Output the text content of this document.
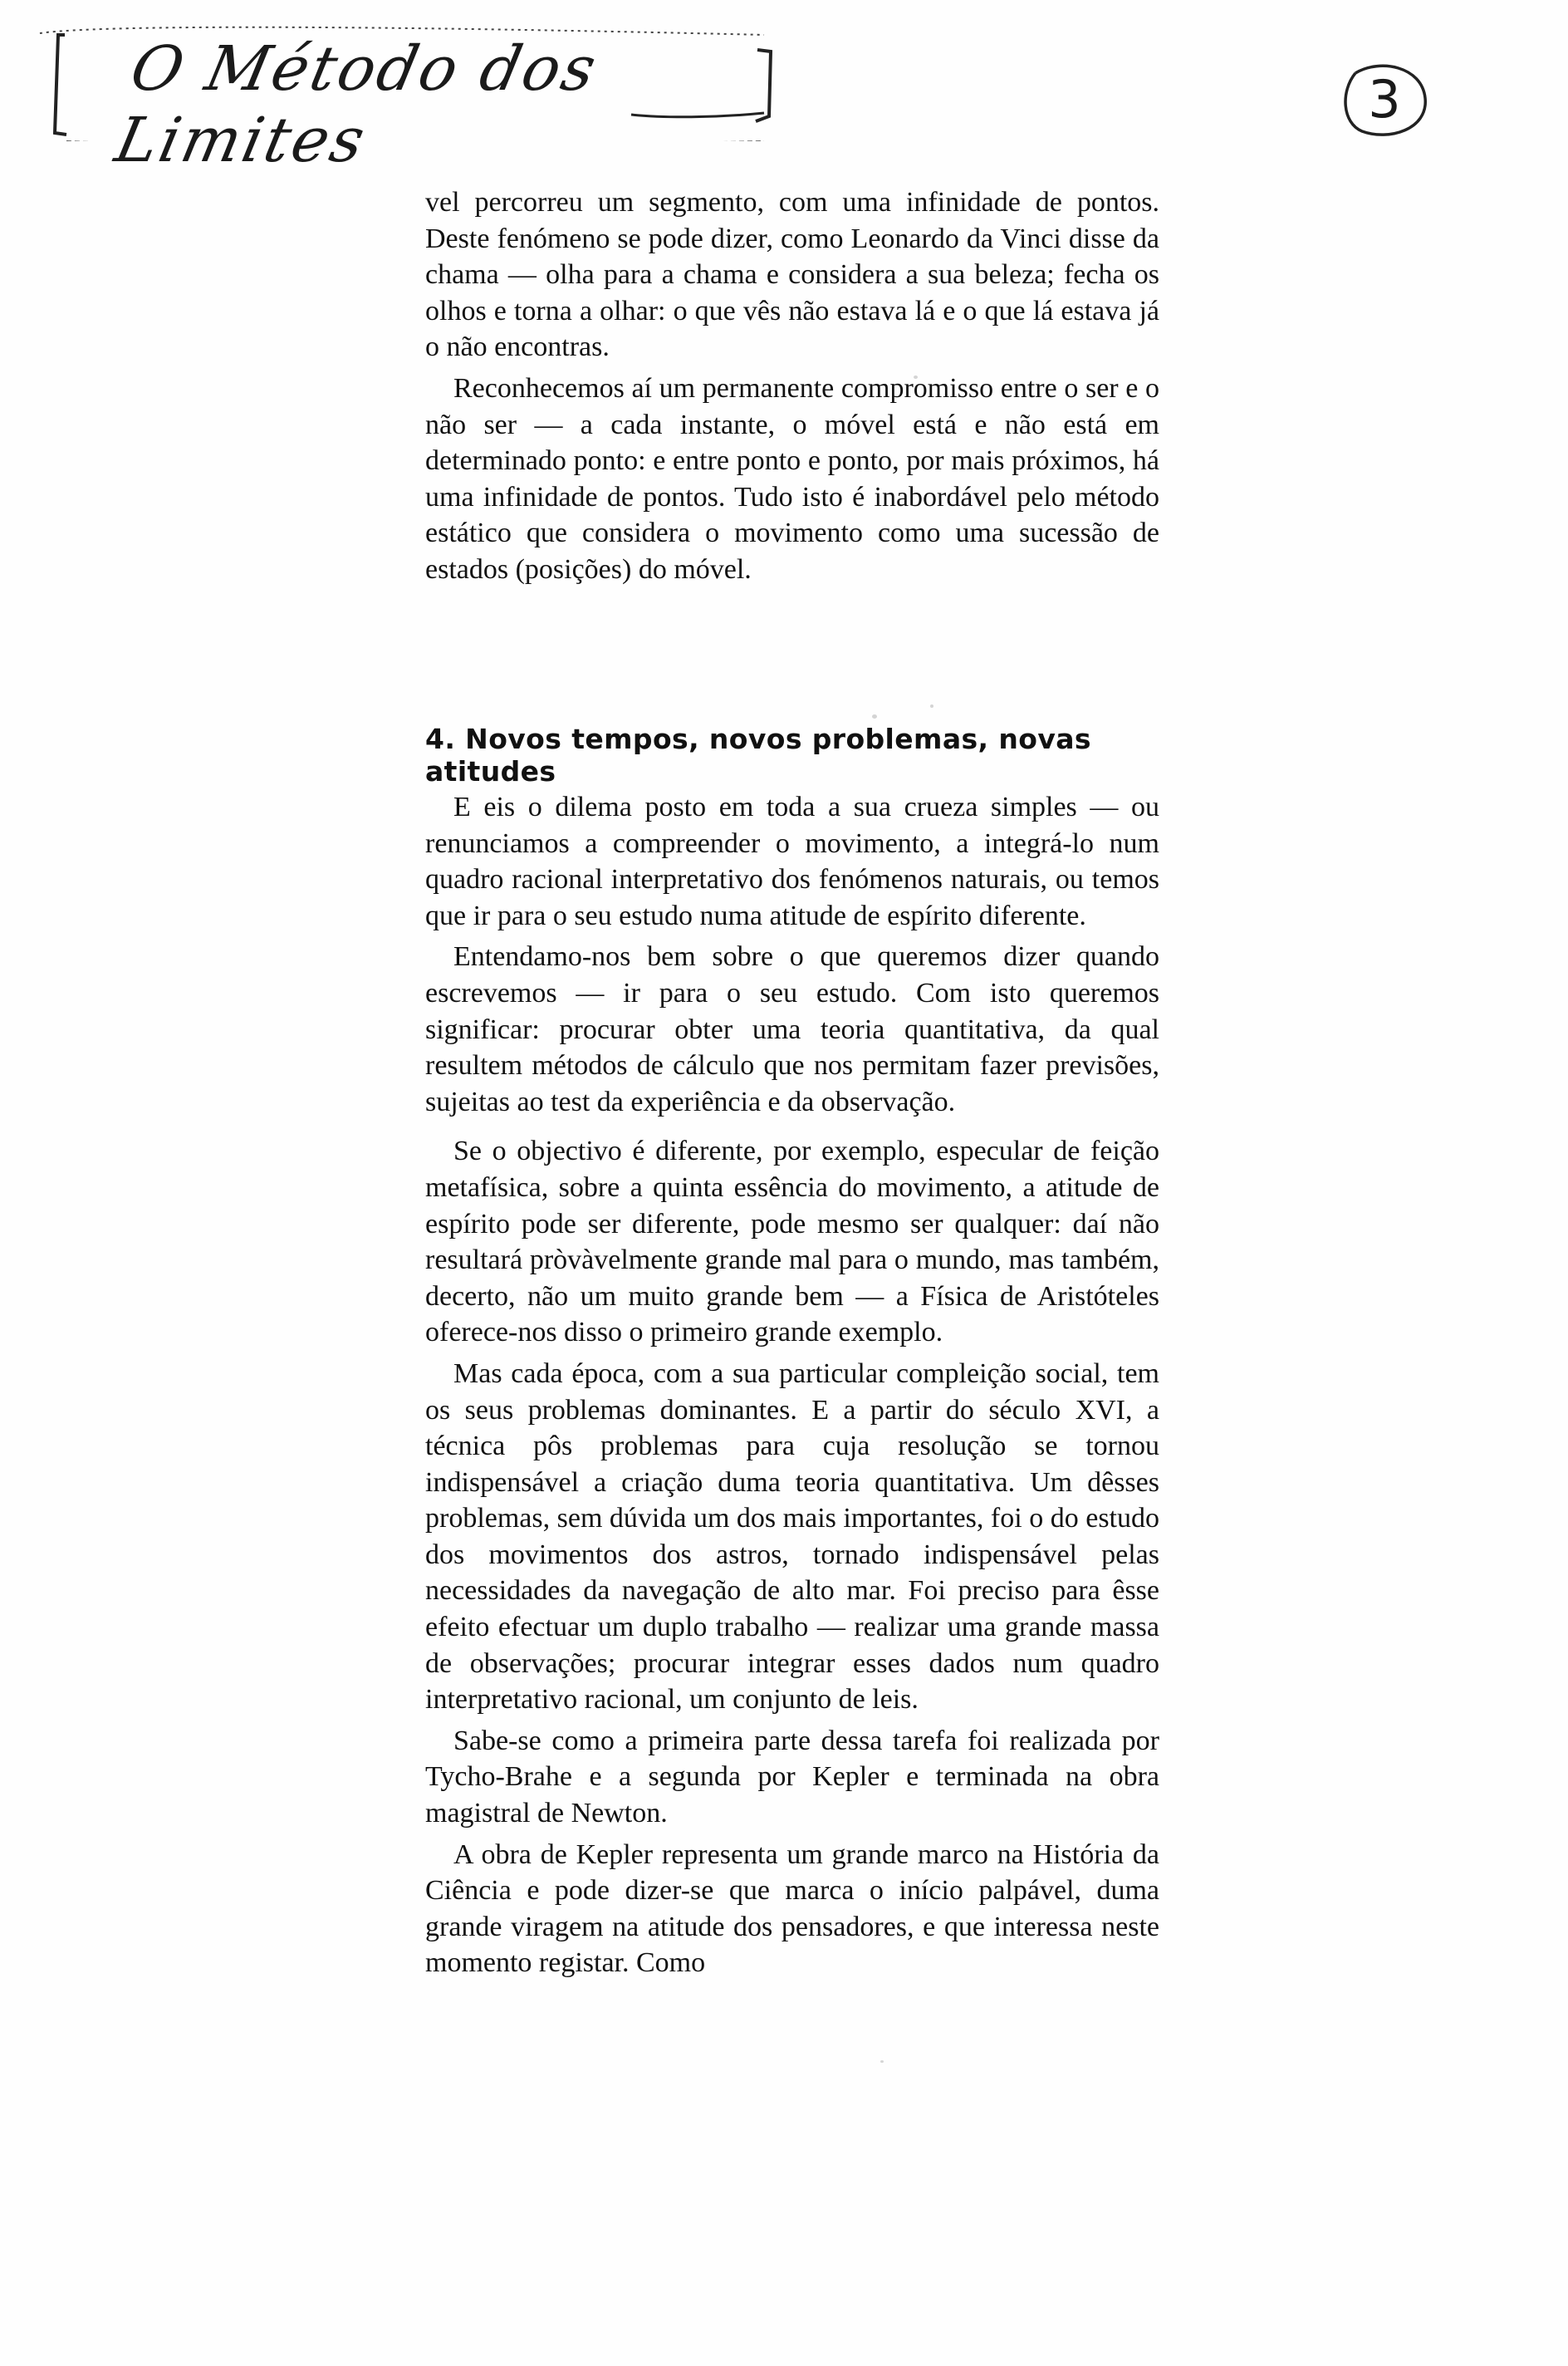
O Método dos Limites
3

vel percorreu um segmento, com uma infinidade de pontos. Deste fenómeno se pode dizer, como Leonardo da Vinci disse da chama — olha para a chama e considera a sua beleza; fecha os olhos e torna a olhar: o que vês não estava lá e o que lá estava já o não encontras.

Reconhecemos aí um permanente compromisso entre o ser e o não ser — a cada instante, o móvel está e não está em determinado ponto: e entre ponto e ponto, por mais próximos, há uma infinidade de pontos. Tudo isto é inabordável pelo método estático que considera o movimento como uma sucessão de estados (posições) do móvel.

4. Novos tempos, novos problemas, novas atitudes

E eis o dilema posto em toda a sua crueza simples — ou renunciamos a compreender o movimento, a integrá-lo num quadro racional interpretativo dos fenómenos naturais, ou temos que ir para o seu estudo numa atitude de espírito diferente.

Entendamo-nos bem sobre o que queremos dizer quando escrevemos — ir para o seu estudo. Com isto queremos significar: procurar obter uma teoria quantitativa, da qual resultem métodos de cálculo que nos permitam fazer previsões, sujeitas ao test da experiência e da observação.

Se o objectivo é diferente, por exemplo, especular de feição metafísica, sobre a quinta essência do movimento, a atitude de espírito pode ser diferente, pode mesmo ser qualquer: daí não resultará pròvàvelmente grande mal para o mundo, mas também, decerto, não um muito grande bem — a Física de Aristóteles oferece-nos disso o primeiro grande exemplo.

Mas cada época, com a sua particular compleição social, tem os seus problemas dominantes. E a partir do século XVI, a técnica pôs problemas para cuja resolução se tornou indispensável a criação duma teoria quantitativa. Um dêsses problemas, sem dúvida um dos mais importantes, foi o do estudo dos movimentos dos astros, tornado indispensável pelas necessidades da navegação de alto mar. Foi preciso para êsse efeito efectuar um duplo trabalho — realizar uma grande massa de observações; procurar integrar esses dados num quadro interpretativo racional, um conjunto de leis.

Sabe-se como a primeira parte dessa tarefa foi realizada por Tycho-Brahe e a segunda por Kepler e terminada na obra magistral de Newton.

A obra de Kepler representa um grande marco na História da Ciência e pode dizer-se que marca o início palpável, duma grande viragem na atitude dos pensadores, e que interessa neste momento registar. Como
